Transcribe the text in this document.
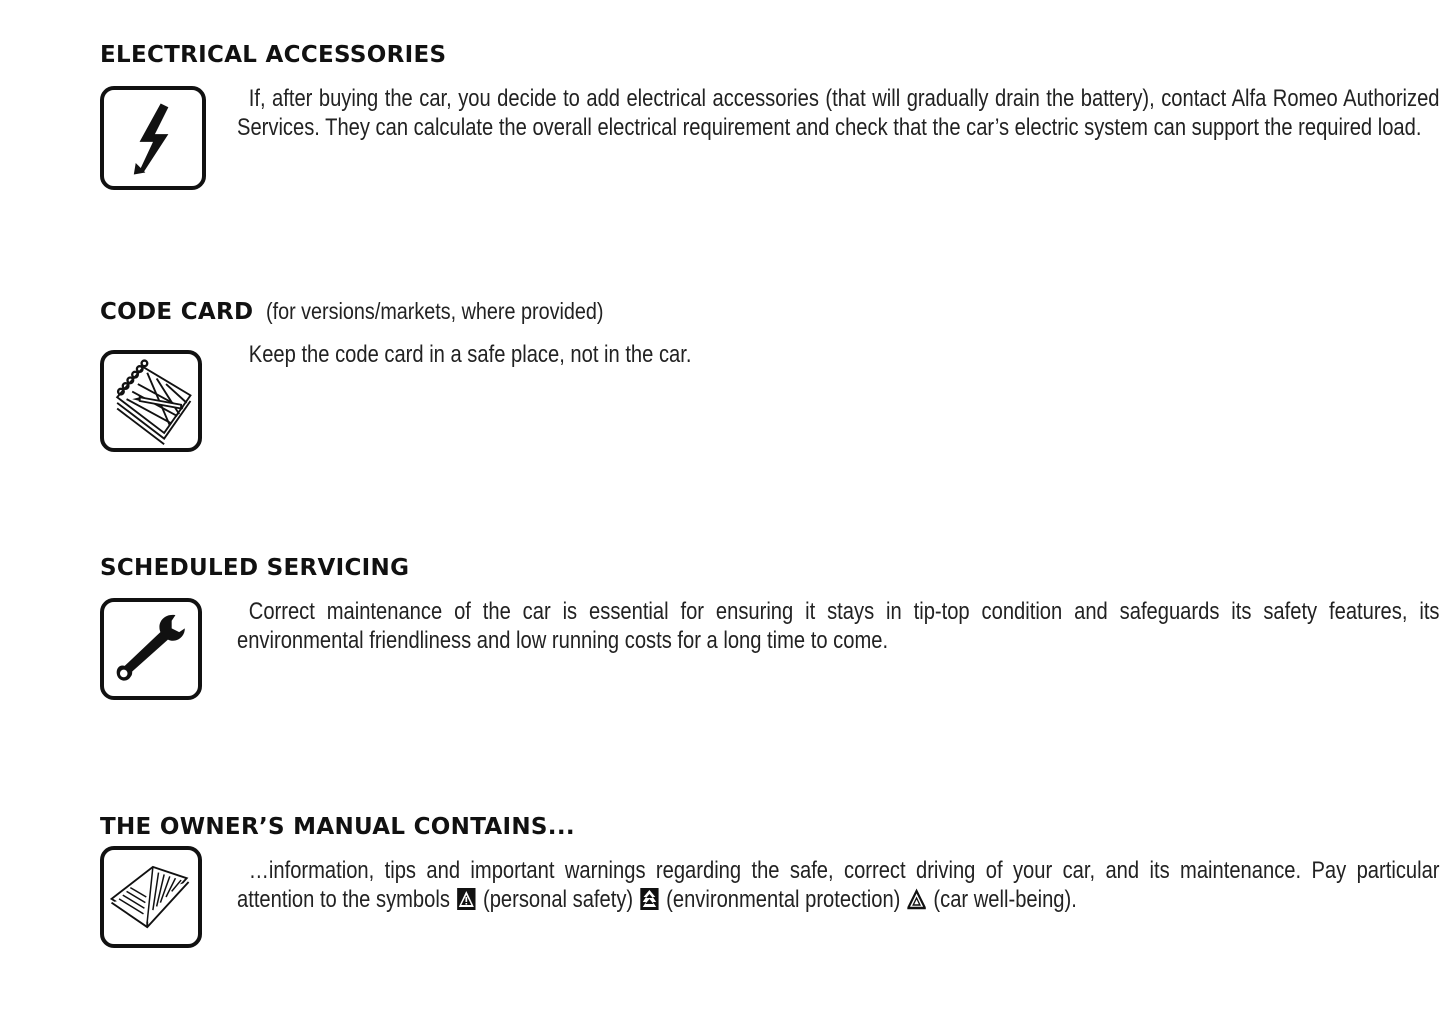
ELECTRICAL ACCESSORIES

If, after buying the car, you decide to add electrical accessories (that will gradually drain the battery), contact Alfa Romeo Authorized Services. They can calculate the overall electrical requirement and check that the car’s electric system can support the required load.

CODE CARD (for versions/markets, where provided)

Keep the code card in a safe place, not in the car.

SCHEDULED SERVICING

Correct maintenance of the car is essential for ensuring it stays in tip-top condition and safeguards its safety features, its environmental friendliness and low running costs for a long time to come.

THE OWNER’S MANUAL CONTAINS...

…information, tips and important warnings regarding the safe, correct driving of your car, and its maintenance. Pay particular attention to the symbols (personal safety) (environmental protection) (car well-being).
